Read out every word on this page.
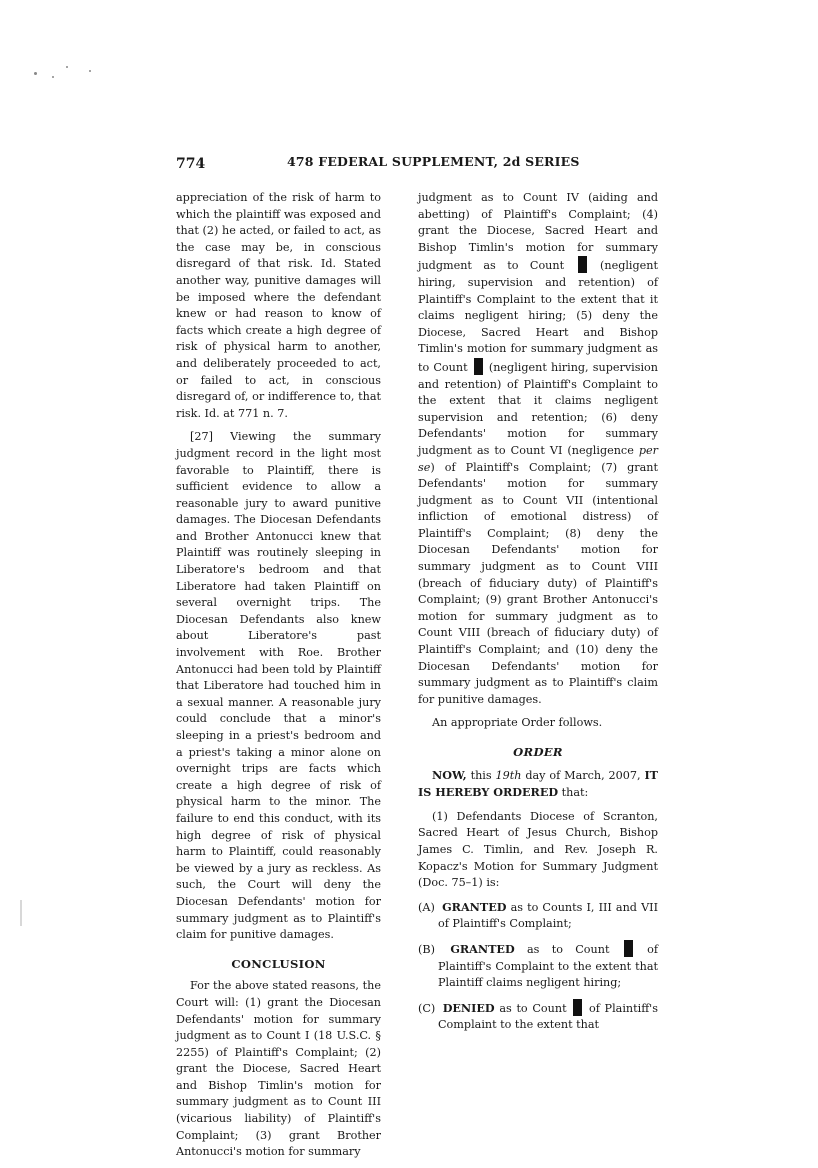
774	478 FEDERAL SUPPLEMENT, 2d SERIES

appreciation of the risk of harm to which the plaintiff was exposed and that (2) he acted, or failed to act, as the case may be, in conscious disregard of that risk. Id. Stated another way, punitive damages will be imposed where the defendant knew or had reason to know of facts which create a high degree of risk of physical harm to another, and deliberately proceeded to act, or failed to act, in conscious disregard of, or indifference to, that risk. Id. at 771 n. 7.

[27] Viewing the summary judgment record in the light most favorable to Plaintiff, there is sufficient evidence to allow a reasonable jury to award punitive damages. The Diocesan Defendants and Brother Antonucci knew that Plaintiff was routinely sleeping in Liberatore's bedroom and that Liberatore had taken Plaintiff on several overnight trips. The Diocesan Defendants also knew about Liberatore's past involvement with Roe. Brother Antonucci had been told by Plaintiff that Liberatore had touched him in a sexual manner. A reasonable jury could conclude that a minor's sleeping in a priest's bedroom and a priest's taking a minor alone on overnight trips are facts which create a high degree of risk of physical harm to the minor. The failure to end this conduct, with its high degree of risk of physical harm to Plaintiff, could reasonably be viewed by a jury as reckless. As such, the Court will deny the Diocesan Defendants' motion for summary judgment as to Plaintiff's claim for punitive damages.

CONCLUSION

For the above stated reasons, the Court will: (1) grant the Diocesan Defendants' motion for summary judgment as to Count I (18 U.S.C. § 2255) of Plaintiff's Complaint; (2) grant the Diocese, Sacred Heart and Bishop Timlin's motion for summary judgment as to Count III (vicarious liability) of Plaintiff's Complaint; (3) grant Brother Antonucci's motion for summary

judgment as to Count IV (aiding and abetting) of Plaintiff's Complaint; (4) grant the Diocese, Sacred Heart and Bishop Timlin's motion for summary judgment as to Count	(negligent hiring, supervision and retention) of Plaintiff's Complaint to the extent that it claims negligent hiring; (5) deny the Diocese, Sacred Heart and Bishop Timlin's motion for summary judgment as to Count (negligent hiring, supervision and retention) of Plaintiff's Complaint to the extent that it claims negligent supervision and retention; (6) deny Defendants' motion for summary judgment as to Count VI (negligence per se) of Plaintiff's Complaint; (7) grant Defendants' motion for summary judgment as to Count VII (intentional infliction of emotional distress) of Plaintiff's Complaint; (8) deny the Diocesan Defendants' motion for summary judgment as to Count VIII (breach of fiduciary duty) of Plaintiff's Complaint; (9) grant Brother Antonucci's motion for summary judgment as to Count VIII (breach of fiduciary duty) of Plaintiff's Complaint; and (10) deny the Diocesan Defendants' motion for summary judgment as to Plaintiff's claim for punitive damages.

An appropriate Order follows.

ORDER

NOW, this 19th day of March, 2007, IT IS HEREBY ORDERED that:

(1) Defendants Diocese of Scranton, Sacred Heart of Jesus Church, Bishop James C. Timlin, and Rev. Joseph R. Kopacz's Motion for Summary Judgment (Doc. 75–1) is:

(A) GRANTED as to Counts I, III and VII of Plaintiff's Complaint;
(B) GRANTED as to Count	of Plaintiff's Complaint to the extent that Plaintiff claims negligent hiring;
(C) DENIED as to Count of Plaintiff's Complaint to the extent that
